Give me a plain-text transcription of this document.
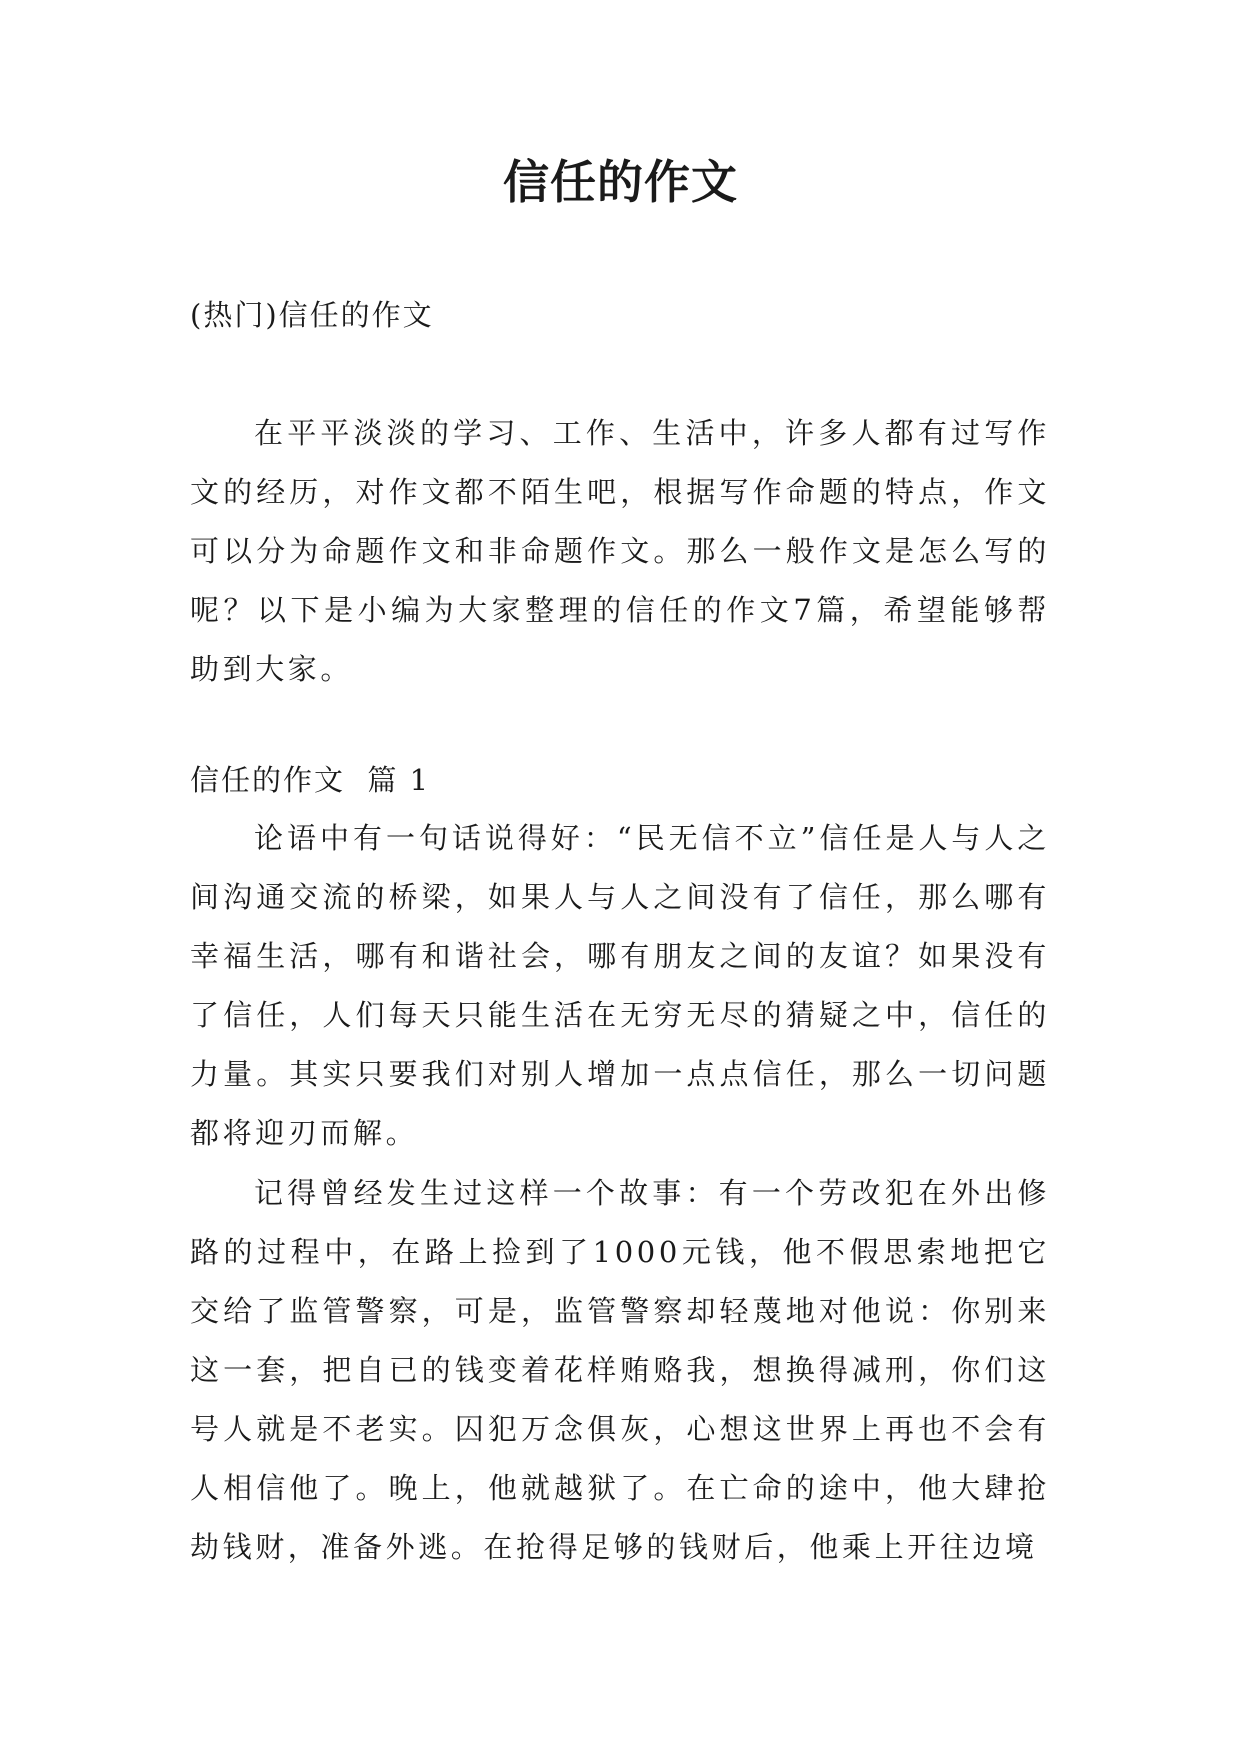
信任的作文

(热门)信任的作文

在平平淡淡的学习、工作、生活中，许多人都有过写作文的经历，对作文都不陌生吧，根据写作命题的特点，作文可以分为命题作文和非命题作文。那么一般作文是怎么写的呢？以下是小编为大家整理的信任的作文7篇，希望能够帮助到大家。

信任的作文  篇 1

论语中有一句话说得好：“民无信不立”信任是人与人之间沟通交流的桥梁，如果人与人之间没有了信任，那么哪有幸福生活，哪有和谐社会，哪有朋友之间的友谊？如果没有了信任，人们每天只能生活在无穷无尽的猜疑之中，信任的力量。其实只要我们对别人增加一点点信任，那么一切问题都将迎刃而解。

记得曾经发生过这样一个故事：有一个劳改犯在外出修路的过程中，在路上捡到了1000元钱，他不假思索地把它交给了监管警察，可是，监管警察却轻蔑地对他说：你别来这一套，把自已的钱变着花样贿赂我，想换得减刑，你们这号人就是不老实。囚犯万念俱灰，心想这世界上再也不会有人相信他了。晚上，他就越狱了。在亡命的途中，他大肆抢劫钱财，准备外逃。在抢得足够的钱财后，他乘上开往边境
